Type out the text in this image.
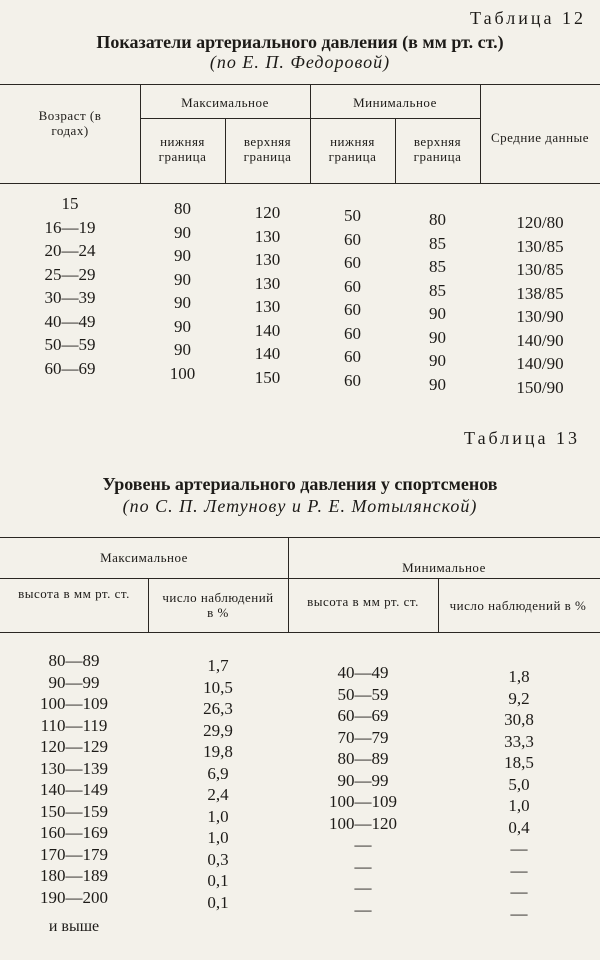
Таблица 12
Показатели артериального давления (в мм рт. ст.)
(по Е. П. Федоровой)
Возраст (в годах)
Максимальное	Минимальное
нижняя граница
верхняя граница
нижняя граница
верхняя граница
Средние данные
15	80	120	50	80	120/80
16—19	90	130	60	85	130/85
20—24	90	130	60	85	130/85
25—29	90	130	60	85	138/85
30—39	90	130	60	90	130/90
40—49	90	140	60	90	140/90
50—59	90	140	60	90	140/90
60—69	100	150	60	90	150/90
Таблица 13
Уровень артериального давления у спортсменов
(по С. П. Летунову и Р. Е. Мотылянской)
Максимальное
Минимальное
высота в мм рт. ст.	число наблюдений в %
высота в мм рт. ст.	число наблюдений в %
80—89	1,7	40—49	1,8
90—99	10,5	50—59	9,2
100—109	26,3	60—69	30,8
110—119	29,9	70—79	33,3
120—129	19,8	80—89	18,5
130—139	6,9	90—99	5,0
140—149	2,4	100—109	1,0
150—159	1,0	100—120	0,4
160—169	1,0	—	—
170—179	0,3	—	—
180—189	0,1	—	—
190—200	0,1	—	—
и выше
